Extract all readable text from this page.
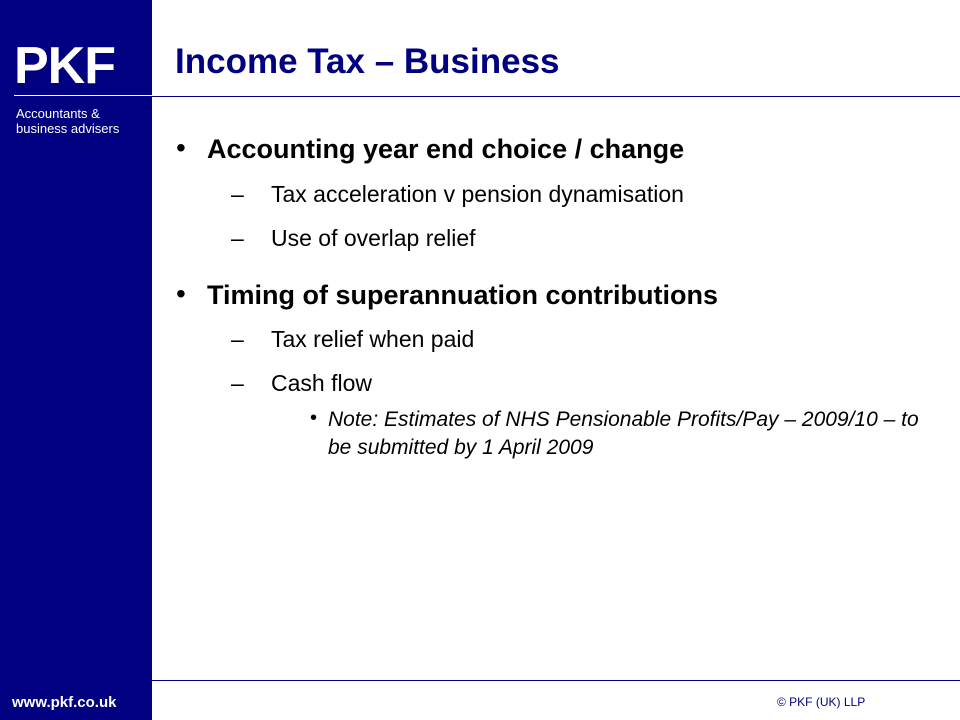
PKF
Accountants & business advisers
www.pkf.co.uk
Income Tax – Business
• Accounting year end choice / change
– Tax acceleration v pension dynamisation
– Use of overlap relief
• Timing of superannuation contributions
– Tax relief when paid
– Cash flow
• Note: Estimates of NHS Pensionable Profits/Pay – 2009/10 – to be submitted by 1 April 2009
© PKF (UK) LLP
